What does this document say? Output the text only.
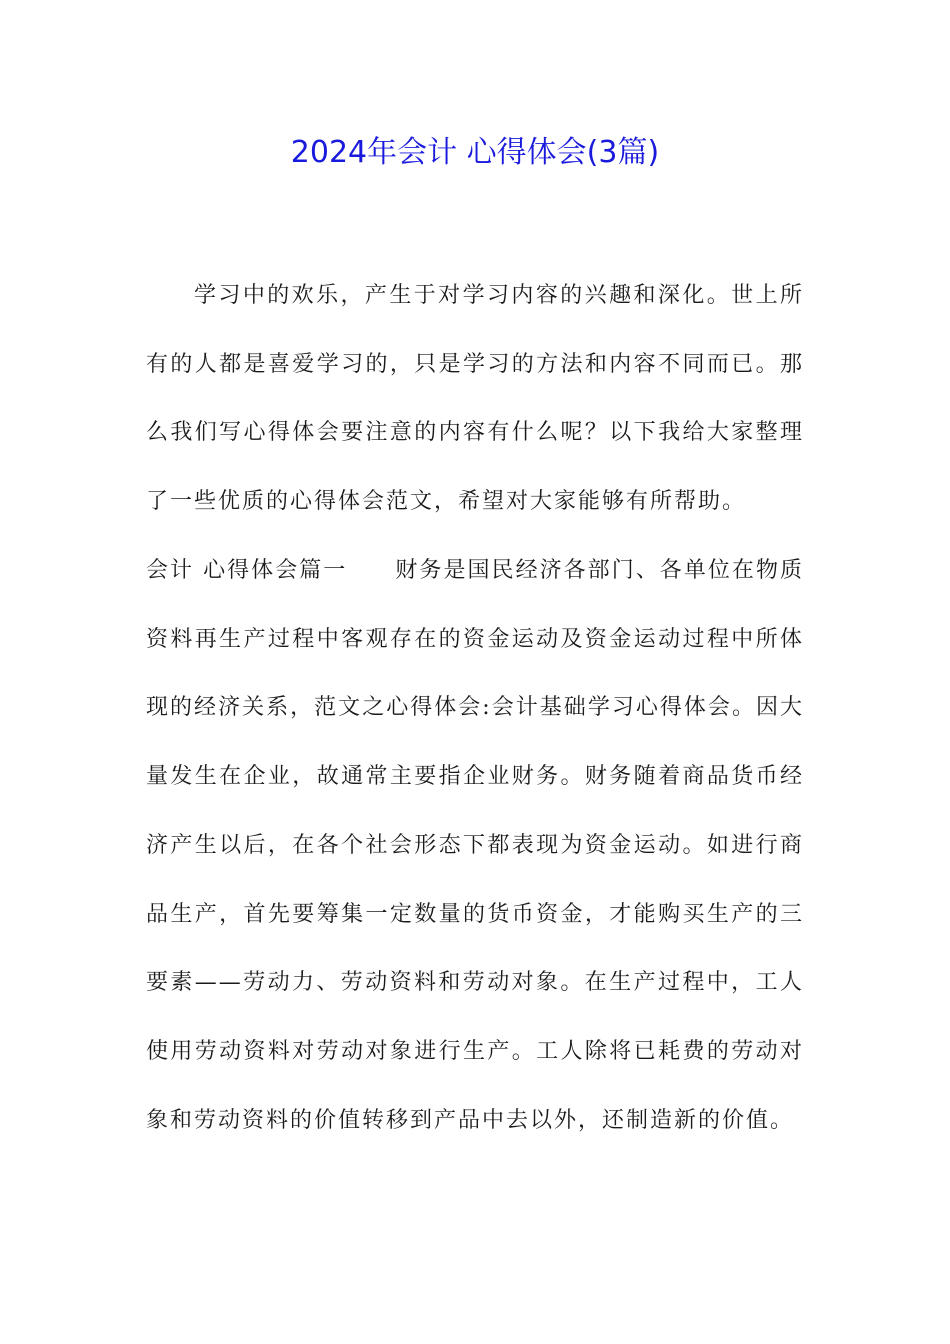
2024年会计 心得体会(3篇)

学习中的欢乐，产生于对学习内容的兴趣和深化。世上所有的人都是喜爱学习的，只是学习的方法和内容不同而已。那么我们写心得体会要注意的内容有什么呢？以下我给大家整理了一些优质的心得体会范文，希望对大家能够有所帮助。

会计 心得体会篇一 财务是国民经济各部门、各单位在物质资料再生产过程中客观存在的资金运动及资金运动过程中所体现的经济关系，范文之心得体会:会计基础学习心得体会。因大量发生在企业，故通常主要指企业财务。财务随着商品货币经济产生以后，在各个社会形态下都表现为资金运动。如进行商品生产，首先要筹集一定数量的货币资金，才能购买生产的三要素——劳动力、劳动资料和劳动对象。在生产过程中，工人使用劳动资料对劳动对象进行生产。工人除将已耗费的劳动对象和劳动资料的价值转移到产品中去以外，还制造新的价值。
